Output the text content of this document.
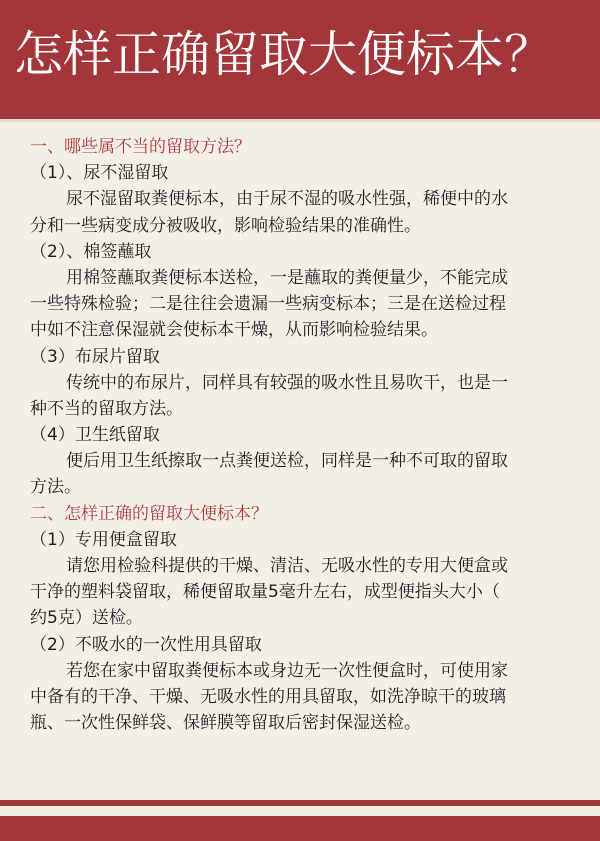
怎样正确留取大便标本？
一、哪些属不当的留取方法？
（1）、尿不湿留取
尿不湿留取粪便标本，由于尿不湿的吸水性强，稀便中的水
分和一些病变成分被吸收，影响检验结果的准确性。
（2）、棉签蘸取
用棉签蘸取粪便标本送检，一是蘸取的粪便量少，不能完成
一些特殊检验；二是往往会遗漏一些病变标本；三是在送检过程
中如不注意保湿就会使标本干燥，从而影响检验结果。
（3）布尿片留取
传统中的布尿片，同样具有较强的吸水性且易吹干，也是一
种不当的留取方法。
（4）卫生纸留取
便后用卫生纸擦取一点粪便送检，同样是一种不可取的留取
方法。
二、怎样正确的留取大便标本？
（1）专用便盒留取
请您用检验科提供的干燥、清洁、无吸水性的专用大便盒或
干净的塑料袋留取，稀便留取量5毫升左右，成型便指头大小（
约5克）送检。
（2）不吸水的一次性用具留取
若您在家中留取粪便标本或身边无一次性便盒时，可使用家
中备有的干净、干燥、无吸水性的用具留取，如洗净晾干的玻璃
瓶、一次性保鲜袋、保鲜膜等留取后密封保湿送检。
